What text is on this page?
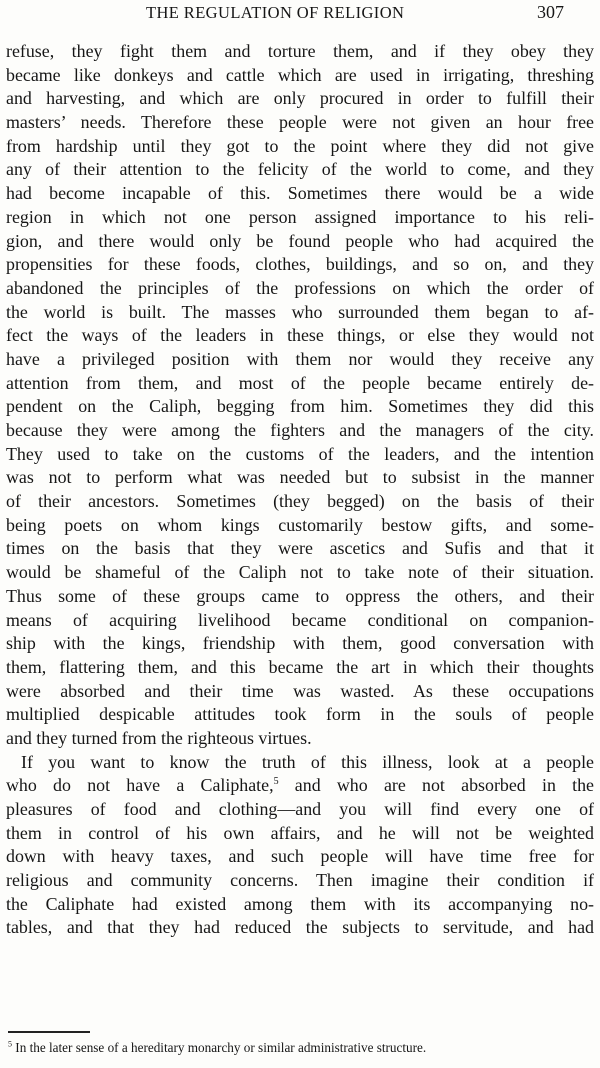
THE REGULATION OF RELIGION	307
refuse, they fight them and torture them, and if they obey they
became like donkeys and cattle which are used in irrigating, threshing
and harvesting, and which are only procured in order to fulfill their
masters’ needs. Therefore these people were not given an hour free
from hardship until they got to the point where they did not give
any of their attention to the felicity of the world to come, and they
had become incapable of this. Sometimes there would be a wide
region in which not one person assigned importance to his reli-
gion, and there would only be found people who had acquired the
propensities for these foods, clothes, buildings, and so on, and they
abandoned the principles of the professions on which the order of
the world is built. The masses who surrounded them began to af-
fect the ways of the leaders in these things, or else they would not
have a privileged position with them nor would they receive any
attention from them, and most of the people became entirely de-
pendent on the Caliph, begging from him. Sometimes they did this
because they were among the fighters and the managers of the city.
They used to take on the customs of the leaders, and the intention
was not to perform what was needed but to subsist in the manner
of their ancestors. Sometimes (they begged) on the basis of their
being poets on whom kings customarily bestow gifts, and some-
times on the basis that they were ascetics and Sufis and that it
would be shameful of the Caliph not to take note of their situation.
Thus some of these groups came to oppress the others, and their
means of acquiring livelihood became conditional on companion-
ship with the kings, friendship with them, good conversation with
them, flattering them, and this became the art in which their thoughts
were absorbed and their time was wasted. As these occupations
multiplied despicable attitudes took form in the souls of people
and they turned from the righteous virtues.
If you want to know the truth of this illness, look at a people
who do not have a Caliphate,$^5$ and who are not absorbed in the
pleasures of food and clothing—and you will find every one of
them in control of his own affairs, and he will not be weighted
down with heavy taxes, and such people will have time free for
religious and community concerns. Then imagine their condition if
the Caliphate had existed among them with its accompanying no-
tables, and that they had reduced the subjects to servitude, and had
$^5$ In the later sense of a hereditary monarchy or similar administrative structure.
